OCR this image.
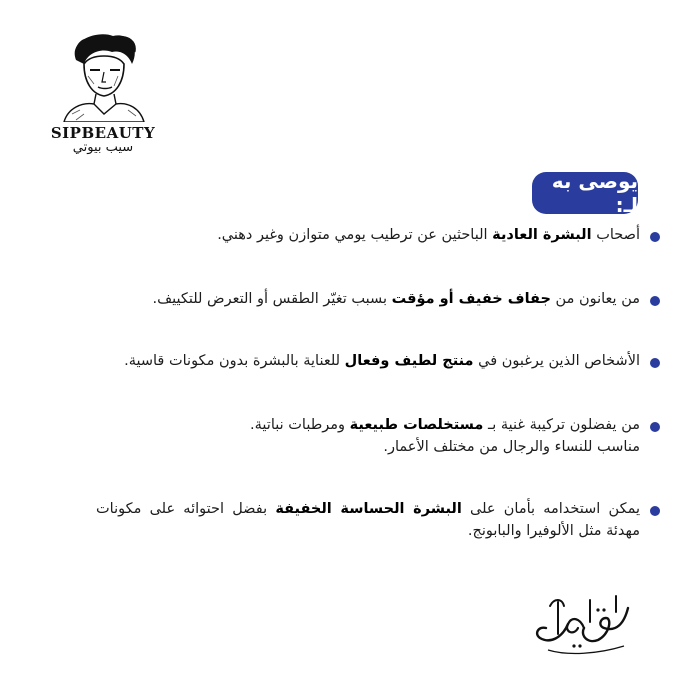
SIPBEAUTY
سيب بيوتي
يوصى به لـ:
أصحاب البشرة العادية الباحثين عن ترطيب يومي متوازن وغير دهني.
من يعانون من جفاف خفيف أو مؤقت بسبب تغيّر الطقس أو التعرض للتكييف.
الأشخاص الذين يرغبون في منتج لطيف وفعال للعناية بالبشرة بدون مكونات قاسية.
من يفضلون تركيبة غنية بـ مستخلصات طبيعية ومرطبات نباتية.
مناسب للنساء والرجال من مختلف الأعمار.
يمكن استخدامه بأمان على البشرة الحساسة الخفيفة بفضل احتوائه على مكونات مهدئة مثل الألوفيرا والبابونج.
